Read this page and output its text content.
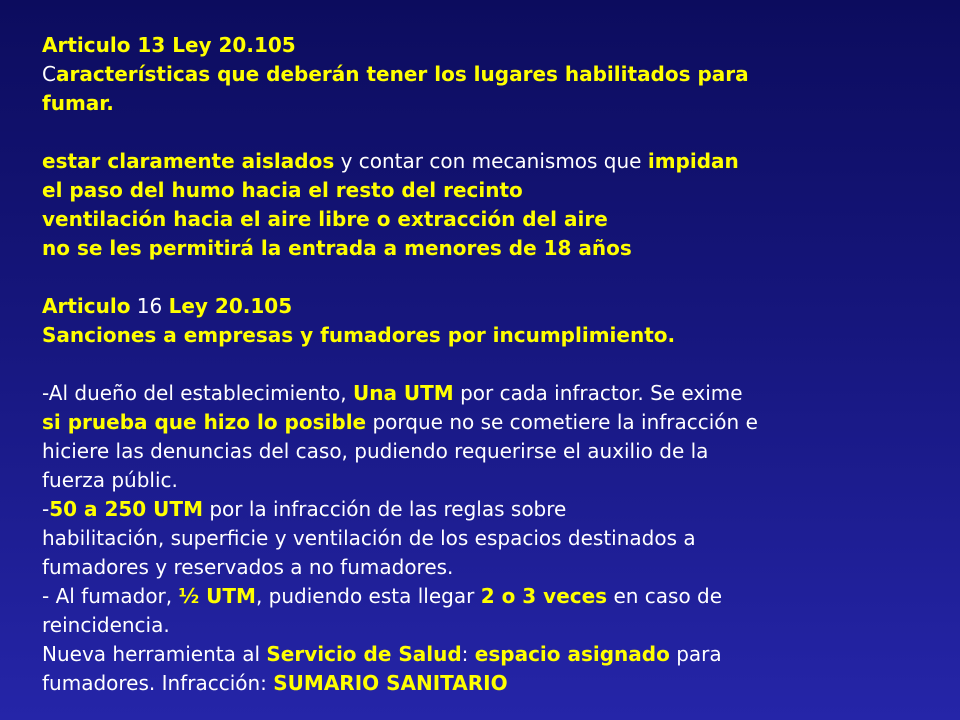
Articulo 13 Ley 20.105
Características que deberán tener los lugares habilitados para
fumar.
estar claramente aislados y contar con mecanismos que impidan
el paso del humo hacia el resto del recinto
ventilación hacia el aire libre o extracción del aire
no se les permitirá la entrada a menores de 18 años
Articulo 16 Ley 20.105
Sanciones a empresas y fumadores por incumplimiento.
-Al dueño del establecimiento, Una UTM por cada infractor. Se exime
si prueba que hizo lo posible porque no se cometiere la infracción e
hiciere las denuncias del caso, pudiendo requerirse el auxilio de la
fuerza públic.
-50 a 250 UTM por la infracción de las reglas sobre
habilitación, superficie y ventilación de los espacios destinados a
fumadores y reservados a no fumadores.
- Al fumador, ½ UTM, pudiendo esta llegar 2 o 3 veces en caso de
reincidencia.
Nueva herramienta al Servicio de Salud: espacio asignado para
fumadores. Infracción: SUMARIO SANITARIO
